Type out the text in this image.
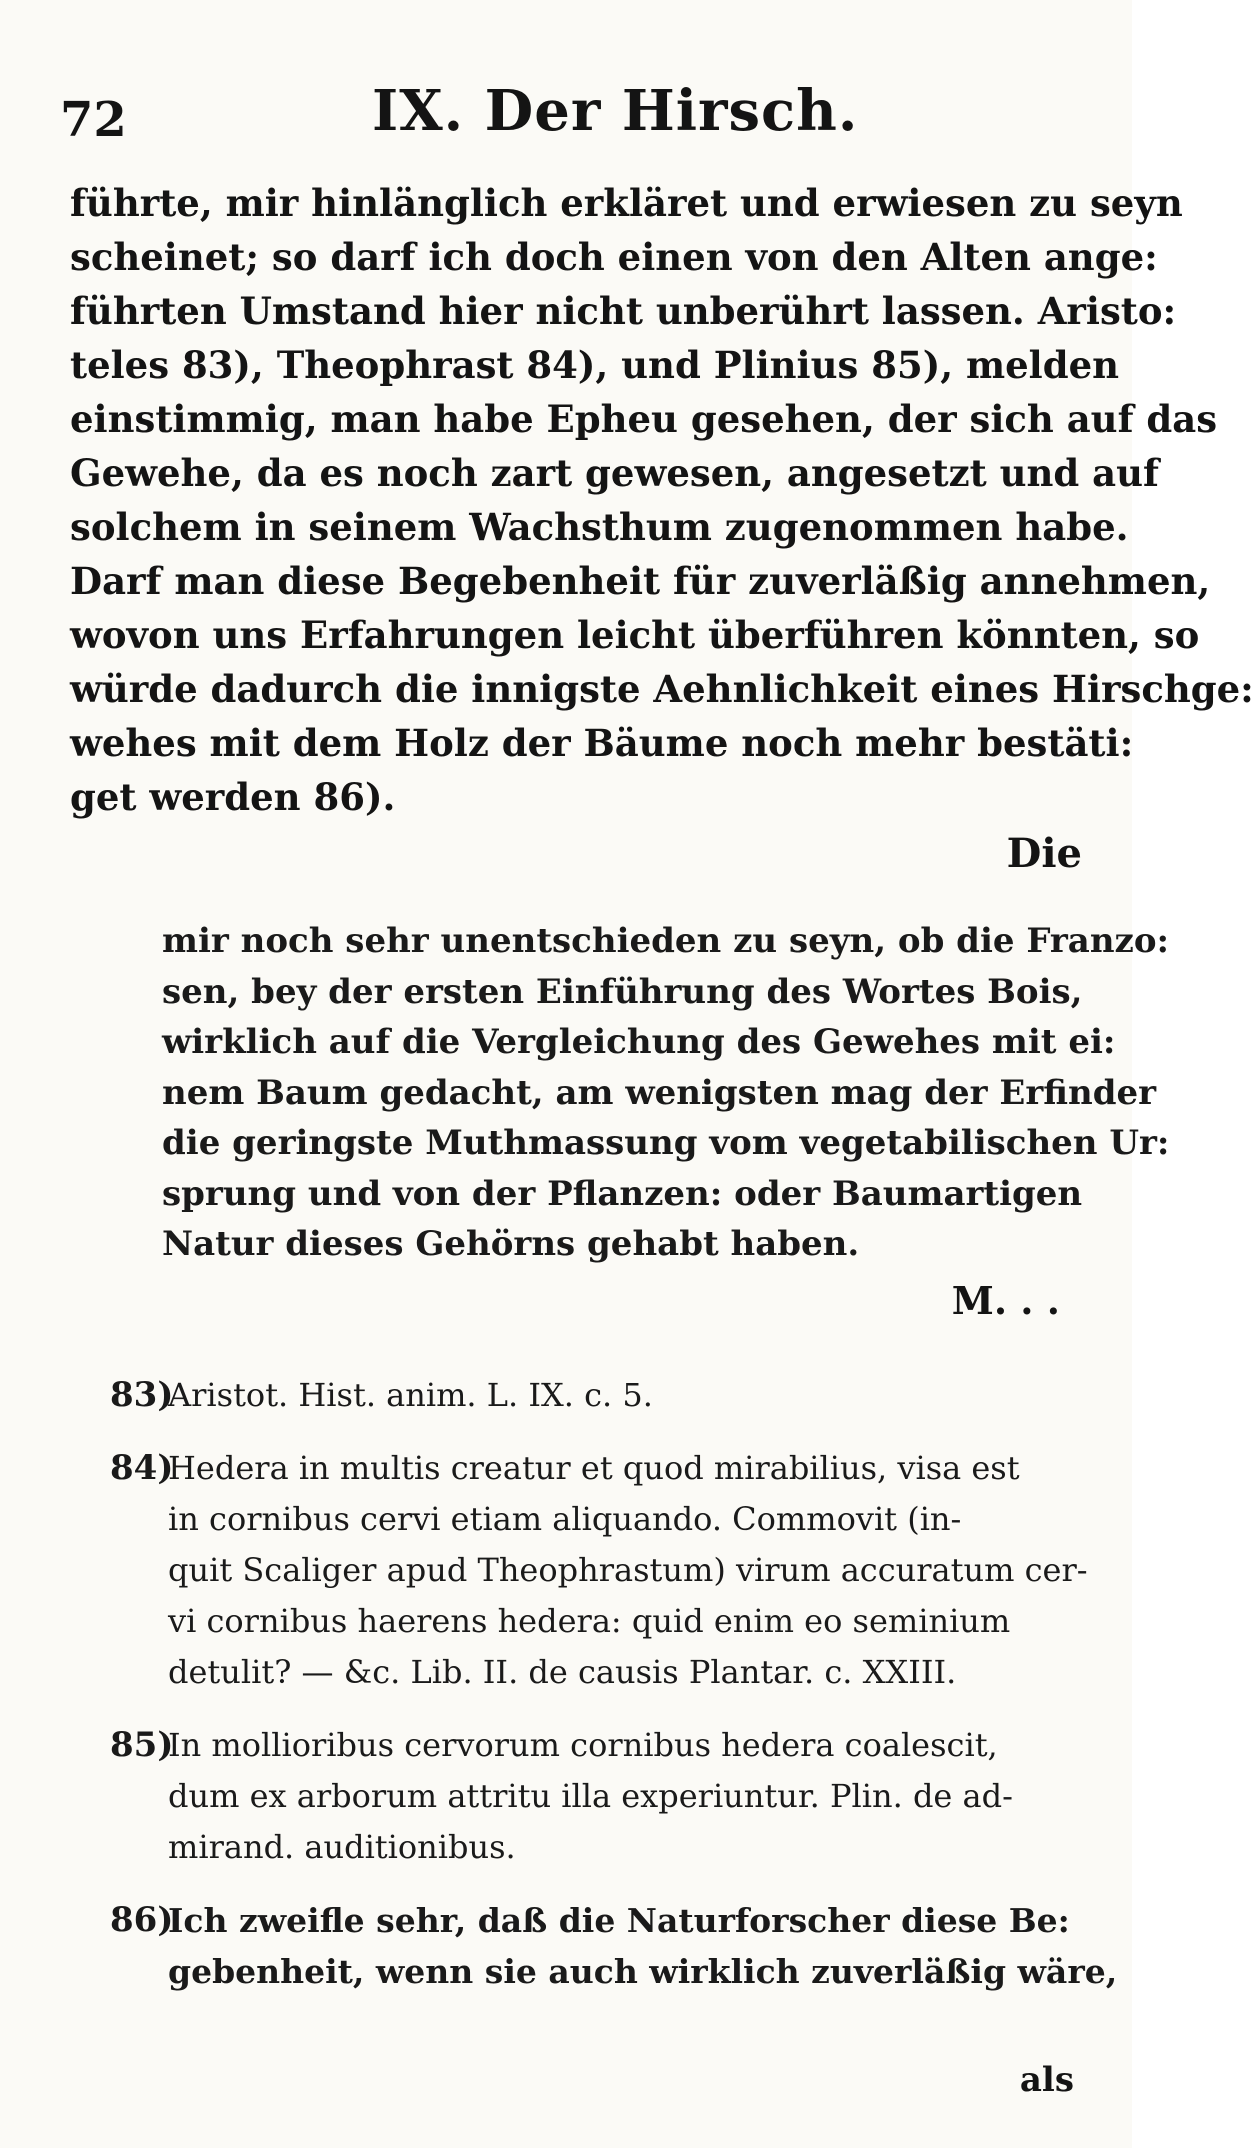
72	IX. Der Hirsch.
führte, mir hinlänglich erkläret und erwiesen zu seyn
scheinet; so darf ich doch einen von den Alten ange:
führten Umstand hier nicht unberührt lassen. Aristo:
teles 83), Theophrast 84), und Plinius 85), melden
einstimmig, man habe Epheu gesehen, der sich auf das
Gewehe, da es noch zart gewesen, angesetzt und auf
solchem in seinem Wachsthum zugenommen habe.
Darf man diese Begebenheit für zuverläßig annehmen,
wovon uns Erfahrungen leicht überführen könnten, so
würde dadurch die innigste Aehnlichkeit eines Hirschge:
wehes mit dem Holz der Bäume noch mehr bestäti:
get werden 86).
Die
mir noch sehr unentschieden zu seyn, ob die Franzo:
sen, bey der ersten Einführung des Wortes Bois,
wirklich auf die Vergleichung des Gewehes mit ei:
nem Baum gedacht, am wenigsten mag der Erfinder
die geringste Muthmassung vom vegetabilischen Ur:
sprung und von der Pflanzen: oder Baumartigen
Natur dieses Gehörns gehabt haben.
M. . .
83)
Aristot. Hist. anim. L. IX. c. 5.
84)
Hedera in multis creatur et quod mirabilius, visa est
in cornibus cervi etiam aliquando. Commovit (in-
quit Scaliger apud Theophrastum) virum accuratum cer-
vi cornibus haerens hedera: quid enim eo seminium
detulit? — &c. Lib. II. de causis Plantar. c. XXIII.
85)
In mollioribus cervorum cornibus hedera coalescit,
dum ex arborum attritu illa experiuntur. Plin. de ad-
mirand. auditionibus.
86)
Ich zweifle sehr, daß die Naturforscher diese Be:
gebenheit, wenn sie auch wirklich zuverläßig wäre,
als
